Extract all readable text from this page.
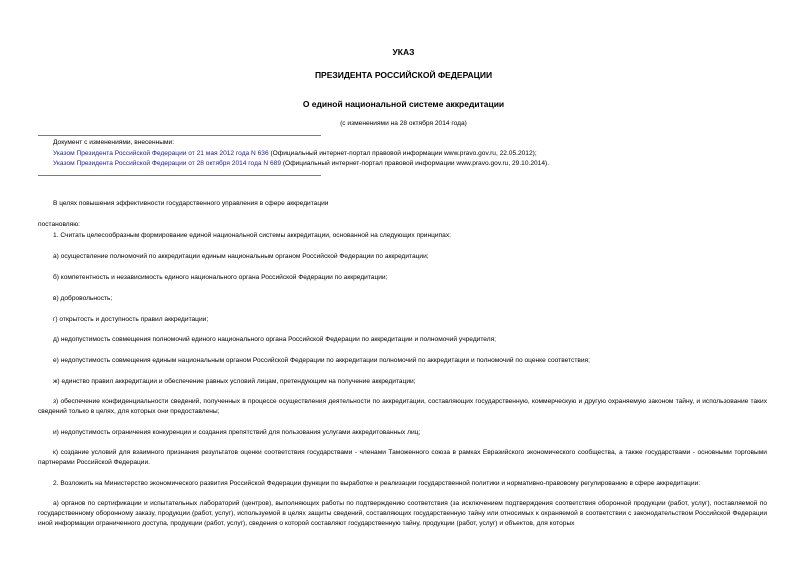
УКАЗ
ПРЕЗИДЕНТА РОССИЙСКОЙ ФЕДЕРАЦИИ
О единой национальной системе аккредитации
(с изменениями на 28 октября 2014 года)
Документ с изменениями, внесенными:
Указом Президента Российской Федерации от 21 мая 2012 года N 636 (Официальный интернет-портал правовой информации www.pravo.gov.ru, 22.05.2012);
Указом Президента Российской Федерации от 28 октября 2014 года N 689 (Официальный интернет-портал правовой информации www.pravo.gov.ru, 29.10.2014).
В целях повышения эффективности государственного управления в сфере аккредитации
постановляю:
1. Считать целесообразным формирование единой национальной системы аккредитации, основанной на следующих принципах:
а) осуществление полномочий по аккредитации единым национальным органом Российской Федерации по аккредитации;
б) компетентность и независимость единого национального органа Российской Федерации по аккредитации;
в) добровольность;
г) открытость и доступность правил аккредитации;
д) недопустимость совмещения полномочий единого национального органа Российской Федерации по аккредитации и полномочий учредителя;
е) недопустимость совмещения единым национальным органом Российской Федерации по аккредитации полномочий по аккредитации и полномочий по оценке соответствия;
ж) единство правил аккредитации и обеспечение равных условий лицам, претендующим на получение аккредитации;
з) обеспечение конфиденциальности сведений, полученных в процессе осуществления деятельности по аккредитации, составляющих государственную, коммерческую и другую охраняемую законом тайну, и использование таких сведений только в целях, для которых они предоставлены;
и) недопустимость ограничения конкуренции и создания препятствий для пользования услугами аккредитованных лиц;
к) создание условий для взаимного признания результатов оценки соответствия государствами - членами Таможенного союза в рамках Евразийского экономического сообщества, а также государствами - основными торговыми партнерами Российской Федерации.
2. Возложить на Министерство экономического развития Российской Федерации функции по выработке и реализации государственной политики и нормативно-правовому регулированию в сфере аккредитации:
а) органов по сертификации и испытательных лабораторий (центров), выполняющих работы по подтверждению соответствия (за исключением подтверждения соответствия оборонной продукции (работ, услуг), поставляемой по государственному оборонному заказу, продукции (работ, услуг), используемой в целях защиты сведений, составляющих государственную тайну или относимых к охраняемой в соответствии с законодательством Российской Федерации иной информации ограниченного доступа, продукции (работ, услуг), сведения о которой составляют государственную тайну, продукции (работ, услуг) и объектов, для которых
